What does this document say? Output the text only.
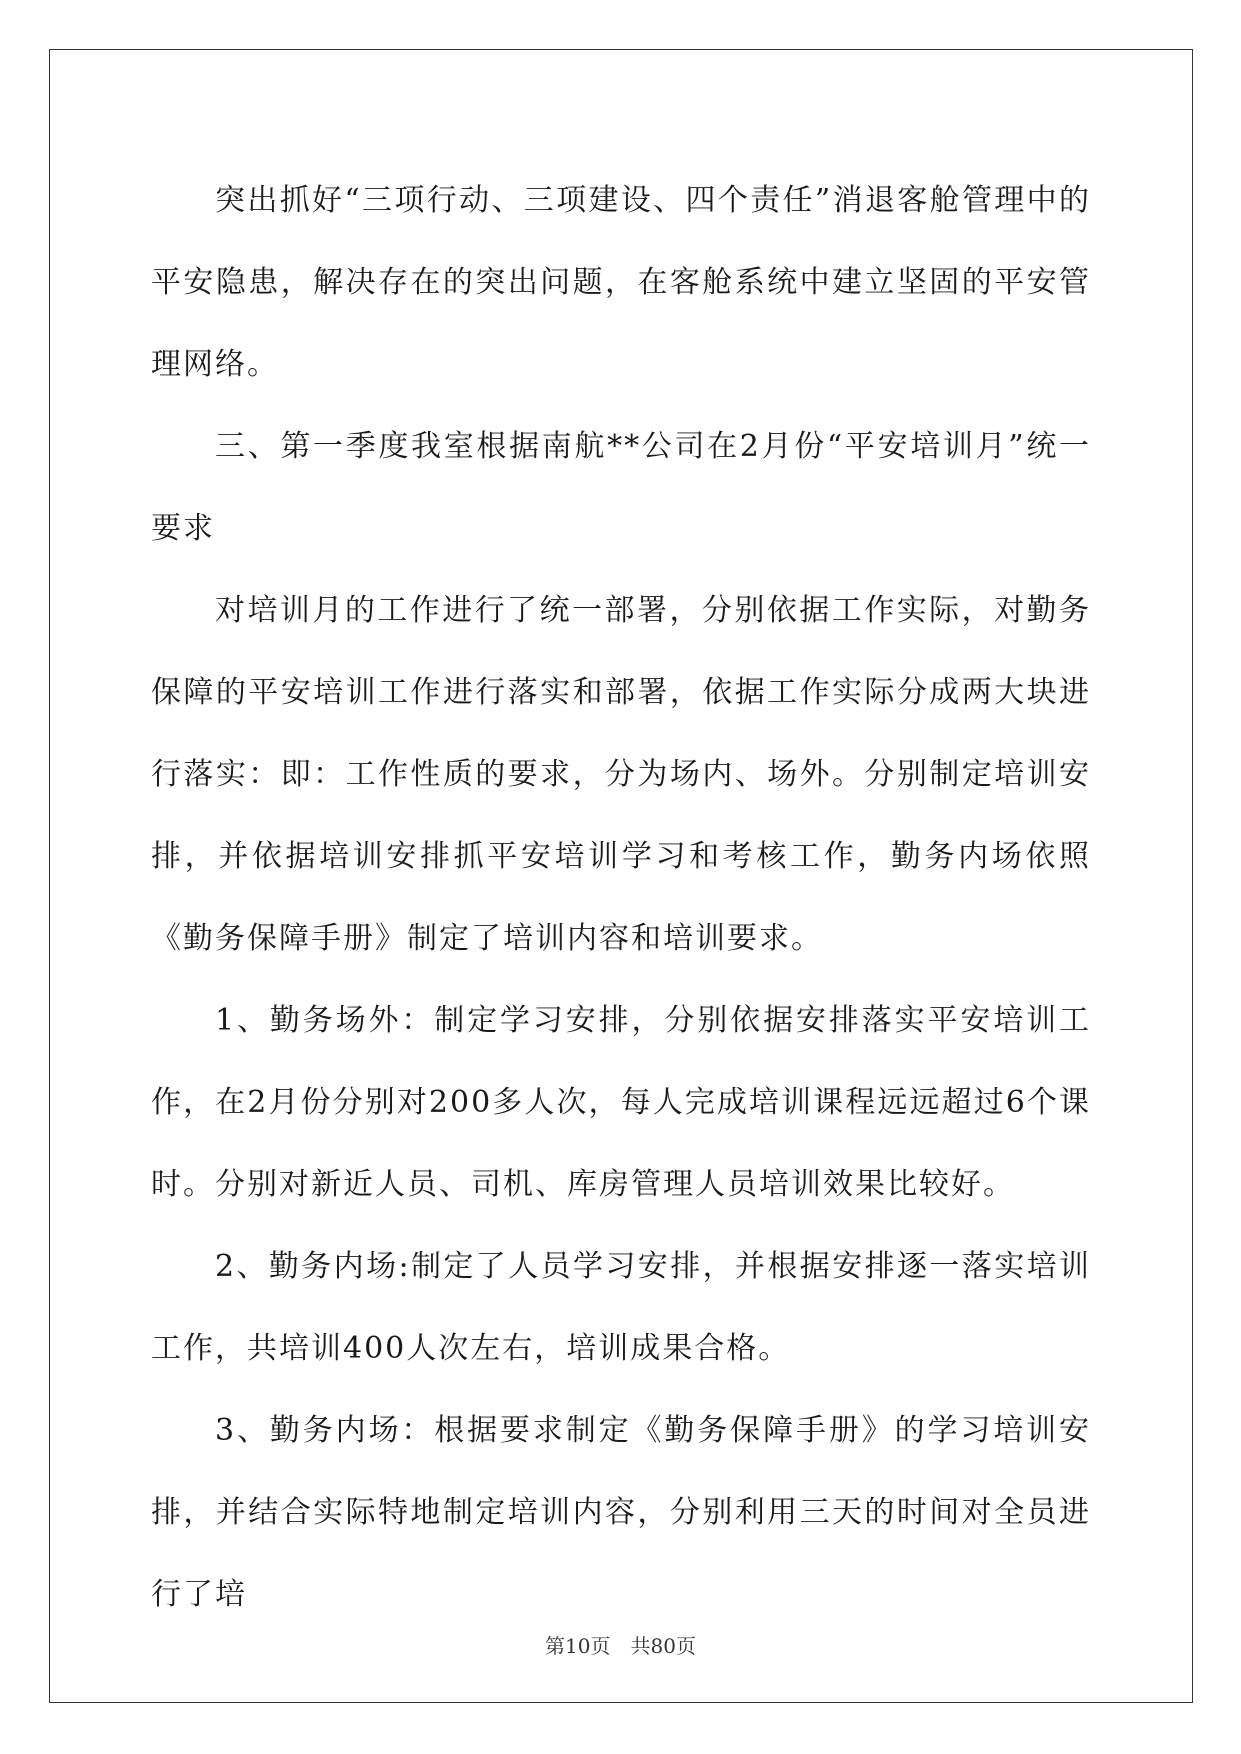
突出抓好“三项行动、三项建设、四个责任”消退客舱管理中的平安隐患，解决存在的突出问题，在客舱系统中建立坚固的平安管理网络。

三、第一季度我室根据南航**公司在2月份“平安培训月”统一要求

对培训月的工作进行了统一部署，分别依据工作实际，对勤务保障的平安培训工作进行落实和部署，依据工作实际分成两大块进行落实：即：工作性质的要求，分为场内、场外。分别制定培训安排，并依据培训安排抓平安培训学习和考核工作，勤务内场依照《勤务保障手册》制定了培训内容和培训要求。

1、勤务场外：制定学习安排，分别依据安排落实平安培训工作，在2月份分别对200多人次，每人完成培训课程远远超过6个课时。分别对新近人员、司机、库房管理人员培训效果比较好。

2、勤务内场:制定了人员学习安排，并根据安排逐一落实培训工作，共培训400人次左右，培训成果合格。

3、勤务内场：根据要求制定《勤务保障手册》的学习培训安排，并结合实际特地制定培训内容，分别利用三天的时间对全员进行了培

第10页　共80页
